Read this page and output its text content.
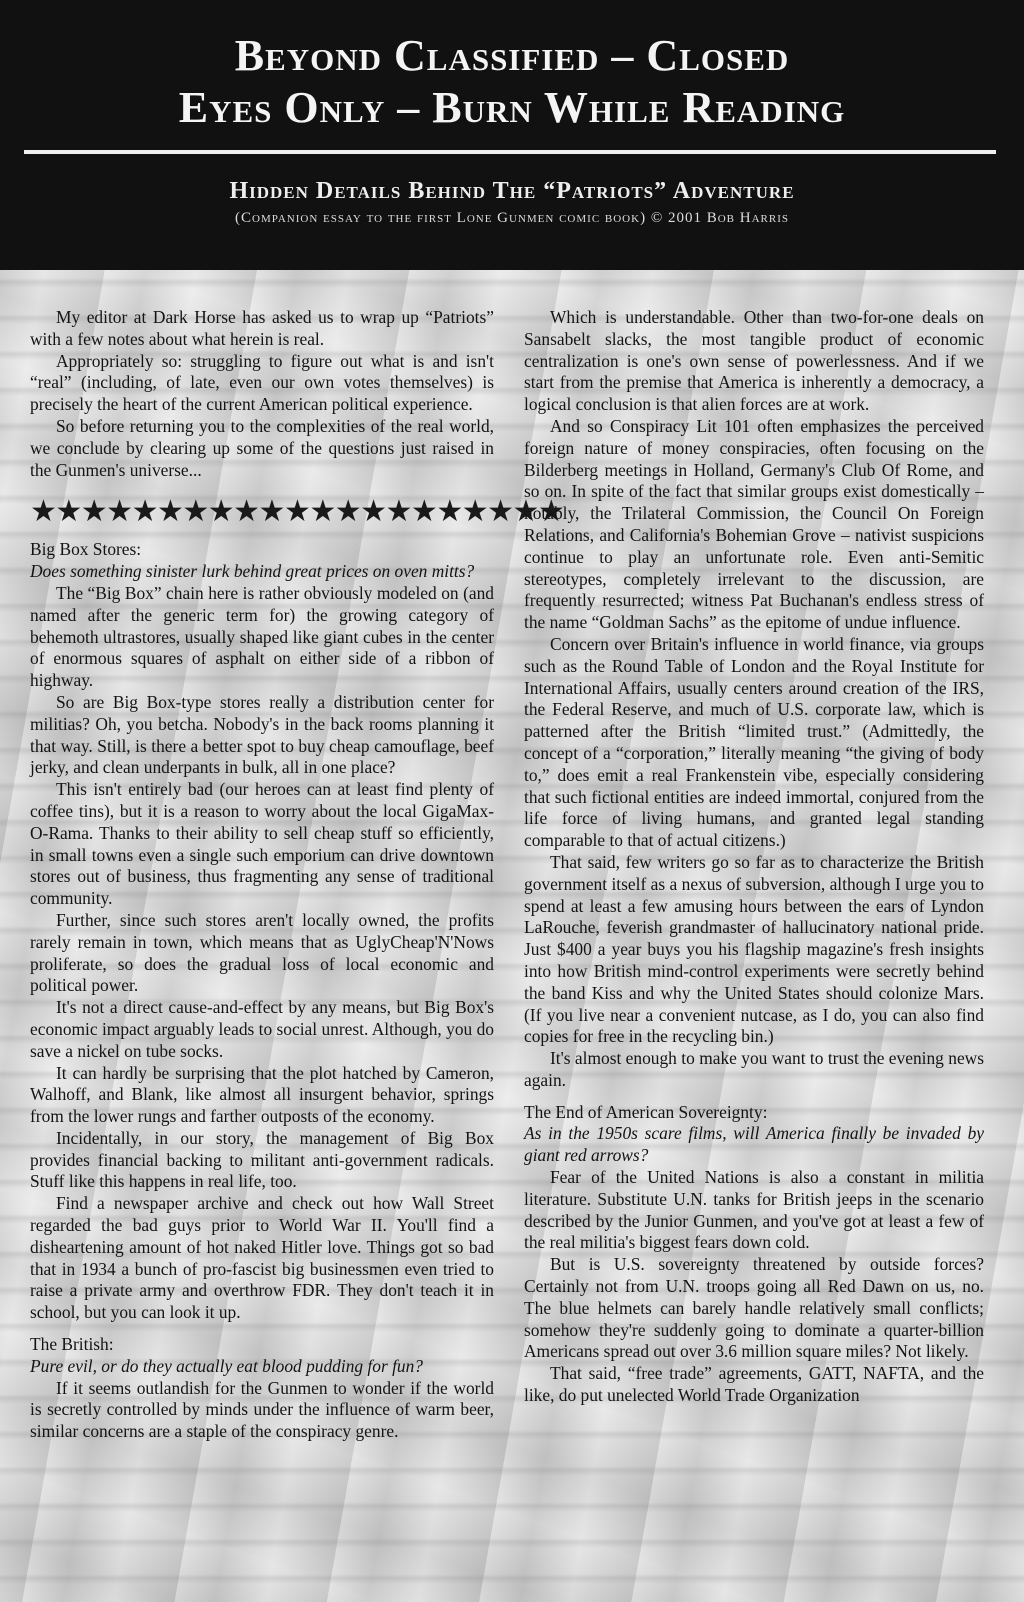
Beyond Classified – Closed
Eyes Only – Burn While Reading
Hidden Details Behind The “Patriots” Adventure
(Companion essay to the first Lone Gunmen comic book) © 2001 Bob Harris

My editor at Dark Horse has asked us to wrap up “Patriots” with a few notes about what herein is real.

Appropriately so: struggling to figure out what is and isn't “real” (including, of late, even our own votes themselves) is precisely the heart of the current American political experience.

So before returning you to the complexities of the real world, we conclude by clearing up some of the questions just raised in the Gunmen's universe...

★★★★★★★★★★★★★★★★★★★★★

Big Box Stores:

Does something sinister lurk behind great prices on oven mitts?

The “Big Box” chain here is rather obviously modeled on (and named after the generic term for) the growing category of behemoth ultrastores, usually shaped like giant cubes in the center of enormous squares of asphalt on either side of a ribbon of highway.

So are Big Box-type stores really a distribution center for militias? Oh, you betcha. Nobody's in the back rooms planning it that way. Still, is there a better spot to buy cheap camouflage, beef jerky, and clean underpants in bulk, all in one place?

This isn't entirely bad (our heroes can at least find plenty of coffee tins), but it is a reason to worry about the local GigaMax-O-Rama. Thanks to their ability to sell cheap stuff so efficiently, in small towns even a single such emporium can drive downtown stores out of business, thus fragmenting any sense of traditional community.

Further, since such stores aren't locally owned, the profits rarely remain in town, which means that as UglyCheap'N'Nows proliferate, so does the gradual loss of local economic and political power.

It's not a direct cause-and-effect by any means, but Big Box's economic impact arguably leads to social unrest. Although, you do save a nickel on tube socks.

It can hardly be surprising that the plot hatched by Cameron, Walhoff, and Blank, like almost all insurgent behavior, springs from the lower rungs and farther outposts of the economy.

Incidentally, in our story, the management of Big Box provides financial backing to militant anti-government radicals. Stuff like this happens in real life, too.

Find a newspaper archive and check out how Wall Street regarded the bad guys prior to World War II. You'll find a disheartening amount of hot naked Hitler love. Things got so bad that in 1934 a bunch of pro-fascist big businessmen even tried to raise a private army and overthrow FDR. They don't teach it in school, but you can look it up.

The British:

Pure evil, or do they actually eat blood pudding for fun?

If it seems outlandish for the Gunmen to wonder if the world is secretly controlled by minds under the influence of warm beer, similar concerns are a staple of the conspiracy genre.

Which is understandable. Other than two-for-one deals on Sansabelt slacks, the most tangible product of economic centralization is one's own sense of powerlessness. And if we start from the premise that America is inherently a democracy, a logical conclusion is that alien forces are at work.

And so Conspiracy Lit 101 often emphasizes the perceived foreign nature of money conspiracies, often focusing on the Bilderberg meetings in Holland, Germany's Club Of Rome, and so on. In spite of the fact that similar groups exist domestically – notably, the Trilateral Commission, the Council On Foreign Relations, and California's Bohemian Grove – nativist suspicions continue to play an unfortunate role. Even anti-Semitic stereotypes, completely irrelevant to the discussion, are frequently resurrected; witness Pat Buchanan's endless stress of the name “Goldman Sachs” as the epitome of undue influence.

Concern over Britain's influence in world finance, via groups such as the Round Table of London and the Royal Institute for International Affairs, usually centers around creation of the IRS, the Federal Reserve, and much of U.S. corporate law, which is patterned after the British “limited trust.” (Admittedly, the concept of a “corporation,” literally meaning “the giving of body to,” does emit a real Frankenstein vibe, especially considering that such fictional entities are indeed immortal, conjured from the life force of living humans, and granted legal standing comparable to that of actual citizens.)

That said, few writers go so far as to characterize the British government itself as a nexus of subversion, although I urge you to spend at least a few amusing hours between the ears of Lyndon LaRouche, feverish grandmaster of hallucinatory national pride. Just $400 a year buys you his flagship magazine's fresh insights into how British mind-control experiments were secretly behind the band Kiss and why the United States should colonize Mars. (If you live near a convenient nutcase, as I do, you can also find copies for free in the recycling bin.)

It's almost enough to make you want to trust the evening news again.

The End of American Sovereignty:

As in the 1950s scare films, will America finally be invaded by giant red arrows?

Fear of the United Nations is also a constant in militia literature. Substitute U.N. tanks for British jeeps in the scenario described by the Junior Gunmen, and you've got at least a few of the real militia's biggest fears down cold.

But is U.S. sovereignty threatened by outside forces? Certainly not from U.N. troops going all Red Dawn on us, no. The blue helmets can barely handle relatively small conflicts; somehow they're suddenly going to dominate a quarter-billion Americans spread out over 3.6 million square miles? Not likely.

That said, “free trade” agreements, GATT, NAFTA, and the like, do put unelected World Trade Organization
